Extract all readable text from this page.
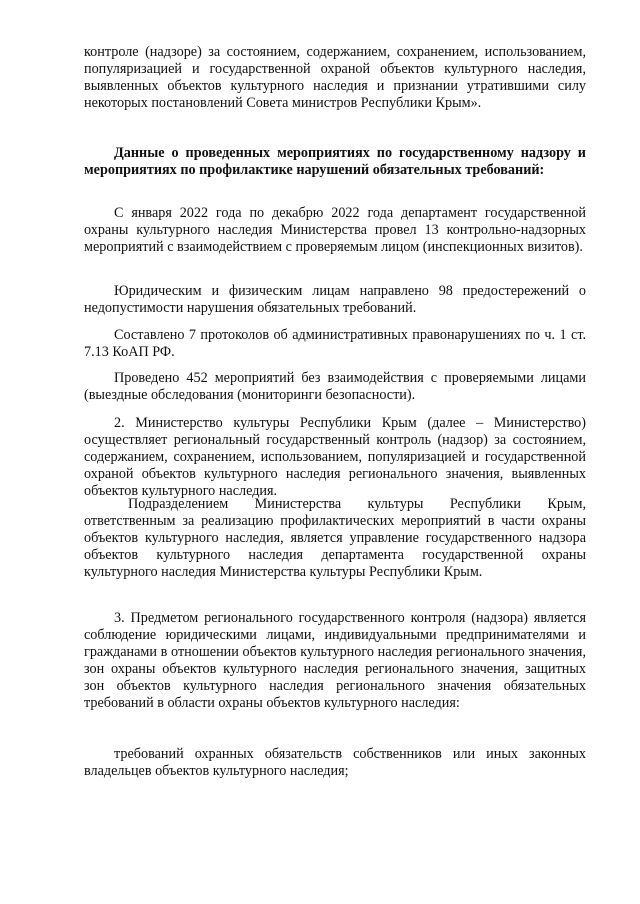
контроле (надзоре) за состоянием, содержанием, сохранением, использованием, популяризацией и государственной охраной объектов культурного наследия, выявленных объектов культурного наследия и признании утратившими силу некоторых постановлений Совета министров Республики Крым».

Данные о проведенных мероприятиях по государственному надзору и мероприятиях по профилактике нарушений обязательных требований:

С января 2022 года по декабрю 2022 года департамент государственной охраны культурного наследия Министерства провел 13 контрольно-надзорных мероприятий с взаимодействием с проверяемым лицом (инспекционных визитов).

Юридическим и физическим лицам направлено 98 предостережений о недопустимости нарушения обязательных требований.

Составлено 7 протоколов об административных правонарушениях по ч. 1 ст. 7.13 КоАП РФ.

Проведено 452 мероприятий без взаимодействия с проверяемыми лицами (выездные обследования (мониторинги безопасности).

2. Министерство культуры Республики Крым (далее – Министерство) осуществляет региональный государственный контроль (надзор) за состоянием, содержанием, сохранением, использованием, популяризацией и государственной охраной объектов культурного наследия регионального значения, выявленных объектов культурного наследия.

Подразделением Министерства культуры Республики Крым, ответственным за реализацию профилактических мероприятий в части охраны объектов культурного наследия, является управление государственного надзора объектов культурного наследия департамента государственной охраны культурного наследия Министерства культуры Республики Крым.

3. Предметом регионального государственного контроля (надзора) является соблюдение юридическими лицами, индивидуальными предпринимателями и гражданами в отношении объектов культурного наследия регионального значения, зон охраны объектов культурного наследия регионального значения, защитных зон объектов культурного наследия регионального значения обязательных требований в области охраны объектов культурного наследия:

требований охранных обязательств собственников или иных законных владельцев объектов культурного наследия;
